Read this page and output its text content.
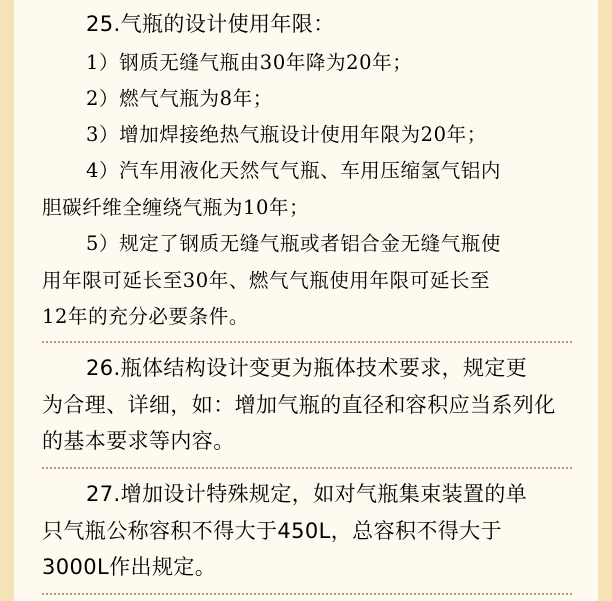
25.气瓶的设计使用年限：
1）钢质无缝气瓶由30年降为20年；
2）燃气气瓶为8年；
3）增加焊接绝热气瓶设计使用年限为20年；
4）汽车用液化天然气气瓶、车用压缩氢气铝内
胆碳纤维全缠绕气瓶为10年；
5）规定了钢质无缝气瓶或者铝合金无缝气瓶使
用年限可延长至30年、燃气气瓶使用年限可延长至
12年的充分必要条件。
26.瓶体结构设计变更为瓶体技术要求，规定更
为合理、详细，如：增加气瓶的直径和容积应当系列化
的基本要求等内容。
27.增加设计特殊规定，如对气瓶集束装置的单
只气瓶公称容积不得大于450L，总容积不得大于
3000L作出规定。
